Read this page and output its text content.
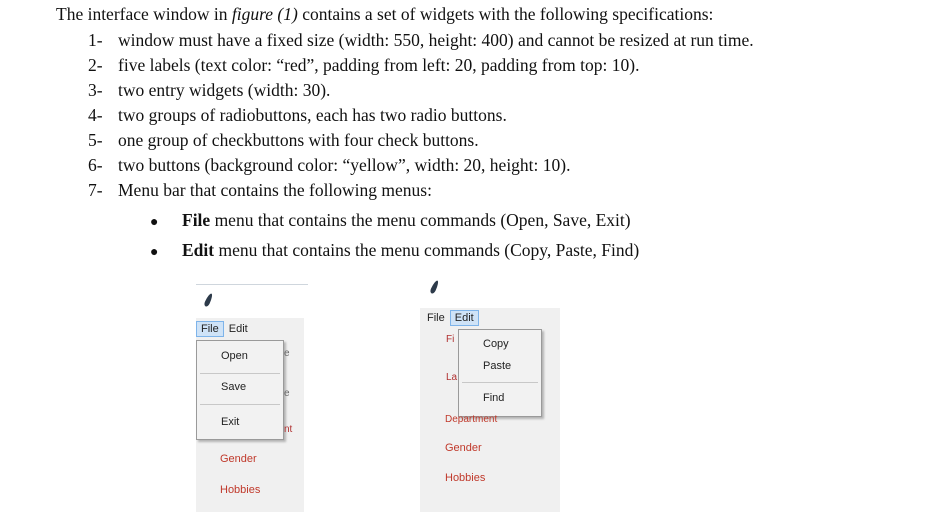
The interface window in figure (1) contains a set of widgets with the following specifications:
1- window must have a fixed size (width: 550, height: 400) and cannot be resized at run time.
2- five labels (text color: “red”, padding from left: 20, padding from top: 10).
3- two entry widgets (width: 30).
4- two groups of radiobuttons, each has two radio buttons.
5- one group of checkbuttons with four check buttons.
6- two buttons (background color: “yellow”, width: 20, height: 10).
7- Menu bar that contains the following menus:
● File menu that contains the menu commands (Open, Save, Exit)
● Edit menu that contains the menu commands (Copy, Paste, Find)
File Edit
Open
Save
Exit
e
e
nt
Gender
Hobbies
File Edit
Fi
La
Copy
Paste
Find
Department
Gender
Hobbies
